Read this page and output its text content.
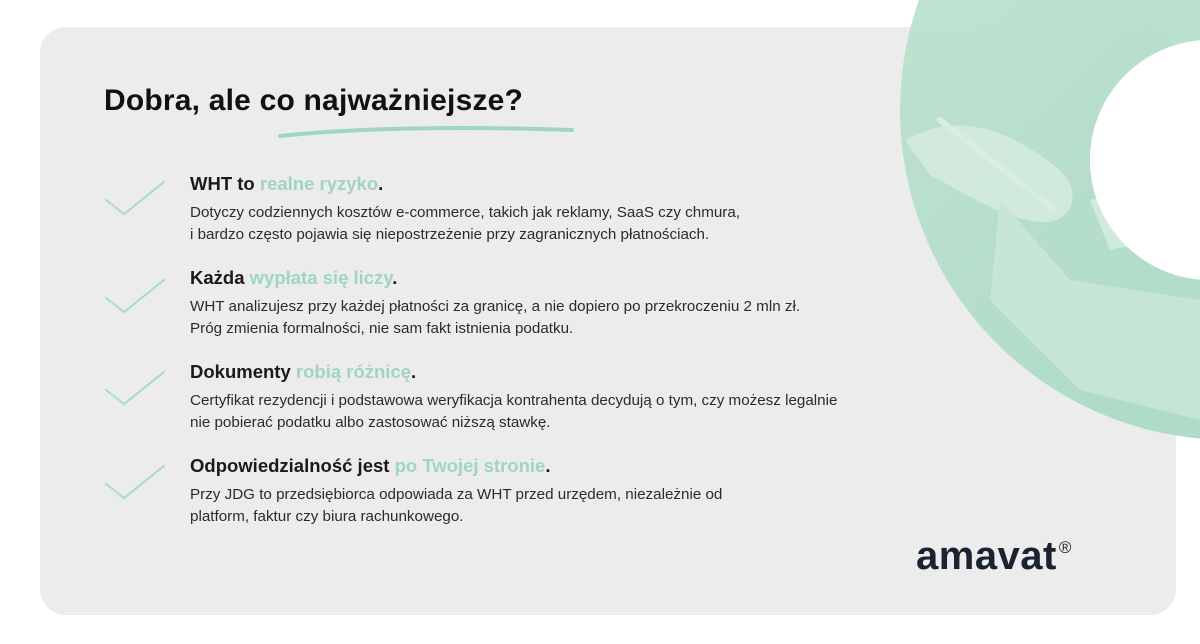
Dobra, ale co najważniejsze?
WHT to realne ryzyko.

Dotyczy codziennych kosztów e-commerce, takich jak reklamy, SaaS czy chmura,
i bardzo często pojawia się niepostrzeżenie przy zagranicznych płatnościach.

Każda wypłata się liczy.

WHT analizujesz przy każdej płatności za granicę, a nie dopiero po przekroczeniu 2 mln zł.
Próg zmienia formalności, nie sam fakt istnienia podatku.

Dokumenty robią różnicę.

Certyfikat rezydencji i podstawowa weryfikacja kontrahenta decydują o tym, czy możesz legalnie
nie pobierać podatku albo zastosować niższą stawkę.

Odpowiedzialność jest po Twojej stronie.

Przy JDG to przedsiębiorca odpowiada za WHT przed urzędem, niezależnie od
platform, faktur czy biura rachunkowego.

amavat ®
